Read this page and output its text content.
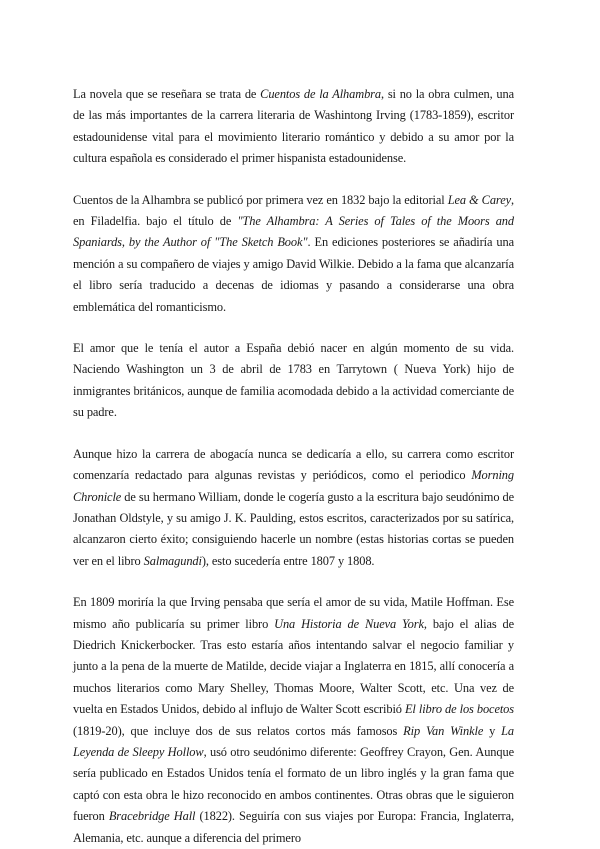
La novela que se reseñara se trata de Cuentos de la Alhambra, si no la obra culmen, una de las más importantes de la carrera literaria de Washintong Irving (1783-1859), escritor estadounidense vital para el movimiento literario romántico y debido a su amor por la cultura española es considerado el primer hispanista estadounidense.

Cuentos de la Alhambra se publicó por primera vez en 1832 bajo la editorial Lea & Carey, en Filadelfia. bajo el título de "The Alhambra: A Series of Tales of the Moors and Spaniards, by the Author of "The Sketch Book". En ediciones posteriores se añadiría una mención a su compañero de viajes y amigo David Wilkie. Debido a la fama que alcanzaría el libro sería traducido a decenas de idiomas y pasando a considerarse una obra emblemática del romanticismo.

El amor que le tenía el autor a España debió nacer en algún momento de su vida. Naciendo Washington un 3 de abril de 1783 en Tarrytown ( Nueva York) hijo de inmigrantes británicos, aunque de familia acomodada debido a la actividad comerciante de su padre.

Aunque hizo la carrera de abogacía nunca se dedicaría a ello, su carrera como escritor comenzaría redactado para algunas revistas y periódicos, como el periodico Morning Chronicle de su hermano William, donde le cogería gusto a la escritura bajo seudónimo de Jonathan Oldstyle, y su amigo J. K. Paulding, estos escritos, caracterizados por su satírica, alcanzaron cierto éxito; consiguiendo hacerle un nombre (estas historias cortas se pueden ver en el libro Salmagundi), esto sucedería entre 1807 y 1808.

En 1809 moriría la que Irving pensaba que sería el amor de su vida, Matile Hoffman. Ese mismo año publicaría su primer libro Una Historia de Nueva York, bajo el alias de Diedrich Knickerbocker. Tras esto estaría años intentando salvar el negocio familiar y junto a la pena de la muerte de Matilde, decide viajar a Inglaterra en 1815, allí conocería a muchos literarios como Mary Shelley, Thomas Moore, Walter Scott, etc. Una vez de vuelta en Estados Unidos, debido al influjo de Walter Scott escribió El libro de los bocetos (1819-20), que incluye dos de sus relatos cortos más famosos Rip Van Winkle y La Leyenda de Sleepy Hollow, usó otro seudónimo diferente: Geoffrey Crayon, Gen. Aunque sería publicado en Estados Unidos tenía el formato de un libro inglés y la gran fama que captó con esta obra le hizo reconocido en ambos continentes. Otras obras que le siguieron fueron Bracebridge Hall (1822). Seguiría con sus viajes por Europa: Francia, Inglaterra, Alemania, etc. aunque a diferencia del primero
